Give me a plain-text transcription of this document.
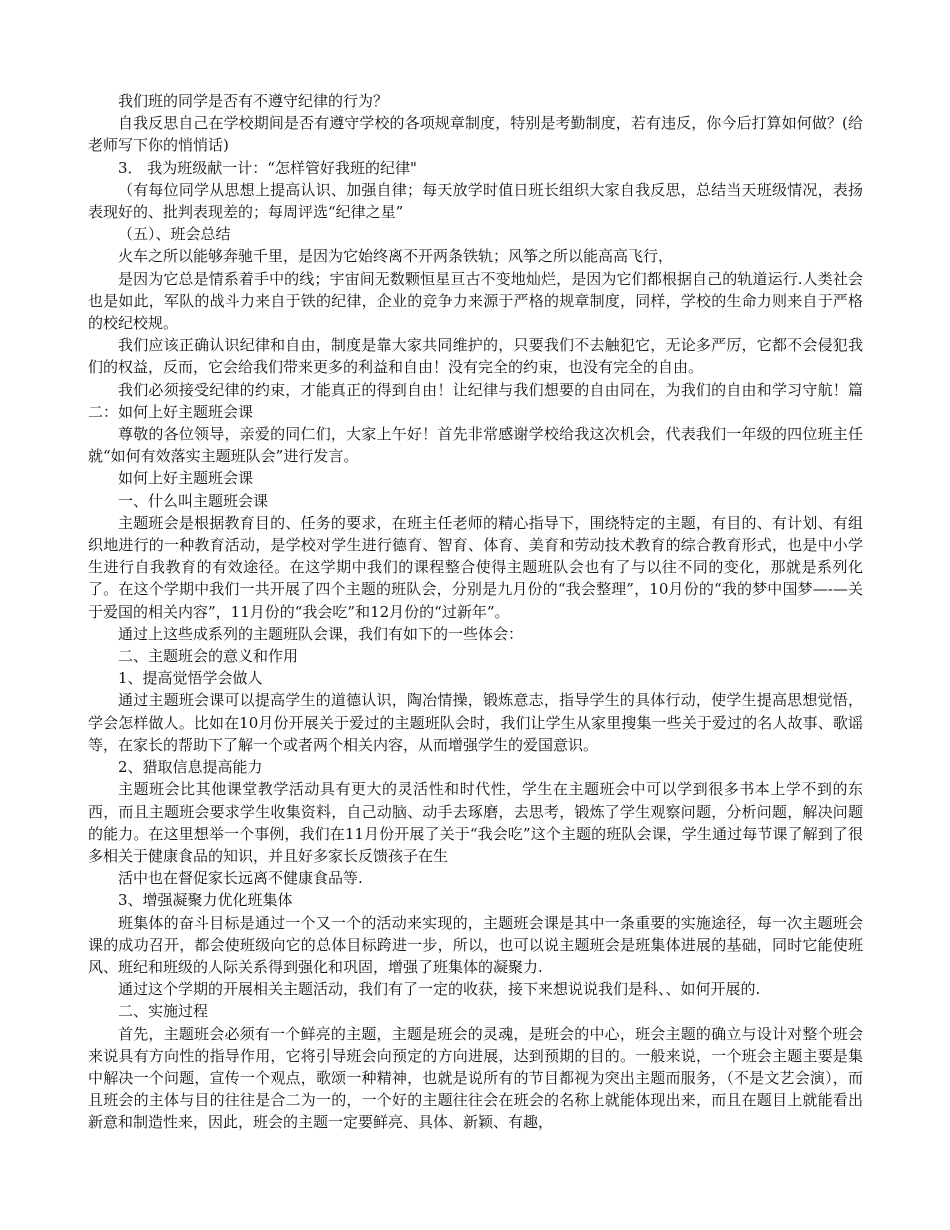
我们班的同学是否有不遵守纪律的行为？

自我反思自己在学校期间是否有遵守学校的各项规章制度，特别是考勤制度，若有违反，你今后打算如何做？(给老师写下你的悄悄话)

3． 我为班级献一计：“怎样管好我班的纪律"

（有每位同学从思想上提高认识、加强自律；每天放学时值日班长组织大家自我反思，总结当天班级情况，表扬表现好的、批判表现差的；每周评选“纪律之星”

（五）、班会总结

火车之所以能够奔驰千里，是因为它始终离不开两条铁轨；风筝之所以能高高飞行，

是因为它总是情系着手中的线；宇宙间无数颗恒星亘古不变地灿烂，是因为它们都根据自己的轨道运行.人类社会也是如此，军队的战斗力来自于铁的纪律，企业的竞争力来源于严格的规章制度，同样，学校的生命力则来自于严格的校纪校规。

我们应该正确认识纪律和自由，制度是靠大家共同维护的，只要我们不去触犯它，无论多严厉，它都不会侵犯我们的权益，反而，它会给我们带来更多的利益和自由！没有完全的约束，也没有完全的自由。

我们必须接受纪律的约束，才能真正的得到自由！让纪律与我们想要的自由同在，为我们的自由和学习守航！篇二：如何上好主题班会课

尊敬的各位领导，亲爱的同仁们，大家上午好！首先非常感谢学校给我这次机会，代表我们一年级的四位班主任就“如何有效落实主题班队会”进行发言。

如何上好主题班会课

一、什么叫主题班会课

主题班会是根据教育目的、任务的要求，在班主任老师的精心指导下，围绕特定的主题，有目的、有计划、有组织地进行的一种教育活动，是学校对学生进行德育、智育、体育、美育和劳动技术教育的综合教育形式，也是中小学生进行自我教育的有效途径。在这学期中我们的课程整合使得主题班队会也有了与以往不同的变化，那就是系列化了。在这个学期中我们一共开展了四个主题的班队会，分别是九月份的“我会整理”，10月份的“我的梦中国梦—-—关于爱国的相关内容”，11月份的“我会吃”和12月份的“过新年”。

通过上这些成系列的主题班队会课，我们有如下的一些体会：

二、主题班会的意义和作用

1、提高觉悟学会做人

通过主题班会课可以提高学生的道德认识，陶冶情操，锻炼意志，指导学生的具体行动，使学生提高思想觉悟，学会怎样做人。比如在10月份开展关于爱过的主题班队会时，我们让学生从家里搜集一些关于爱过的名人故事、歌谣等，在家长的帮助下了解一个或者两个相关内容，从而增强学生的爱国意识。

2、猎取信息提高能力

主题班会比其他课堂教学活动具有更大的灵活性和时代性，学生在主题班会中可以学到很多书本上学不到的东西，而且主题班会要求学生收集资料，自己动脑、动手去琢磨，去思考，锻炼了学生观察问题，分析问题，解决问题的能力。在这里想举一个事例，我们在11月份开展了关于“我会吃”这个主题的班队会课，学生通过每节课了解到了很多相关于健康食品的知识，并且好多家长反馈孩子在生

活中也在督促家长远离不健康食品等.

3、增强凝聚力优化班集体

班集体的奋斗目标是通过一个又一个的活动来实现的，主题班会课是其中一条重要的实施途径，每一次主题班会课的成功召开，都会使班级向它的总体目标跨进一步，所以，也可以说主题班会是班集体进展的基础，同时它能使班风、班纪和班级的人际关系得到强化和巩固，增强了班集体的凝聚力.

通过这个学期的开展相关主题活动，我们有了一定的收获，接下来想说说我们是科、、如何开展的.

二、实施过程

首先，主题班会必须有一个鲜亮的主题，主题是班会的灵魂，是班会的中心，班会主题的确立与设计对整个班会来说具有方向性的指导作用，它将引导班会向预定的方向进展，达到预期的目的。一般来说，一个班会主题主要是集中解决一个问题，宣传一个观点，歌颂一种精神，也就是说所有的节目都视为突出主题而服务，（不是文艺会演），而且班会的主体与目的往往是合二为一的，一个好的主题往往会在班会的名称上就能体现出来，而且在题目上就能看出新意和制造性来，因此，班会的主题一定要鲜亮、具体、新颖、有趣，
